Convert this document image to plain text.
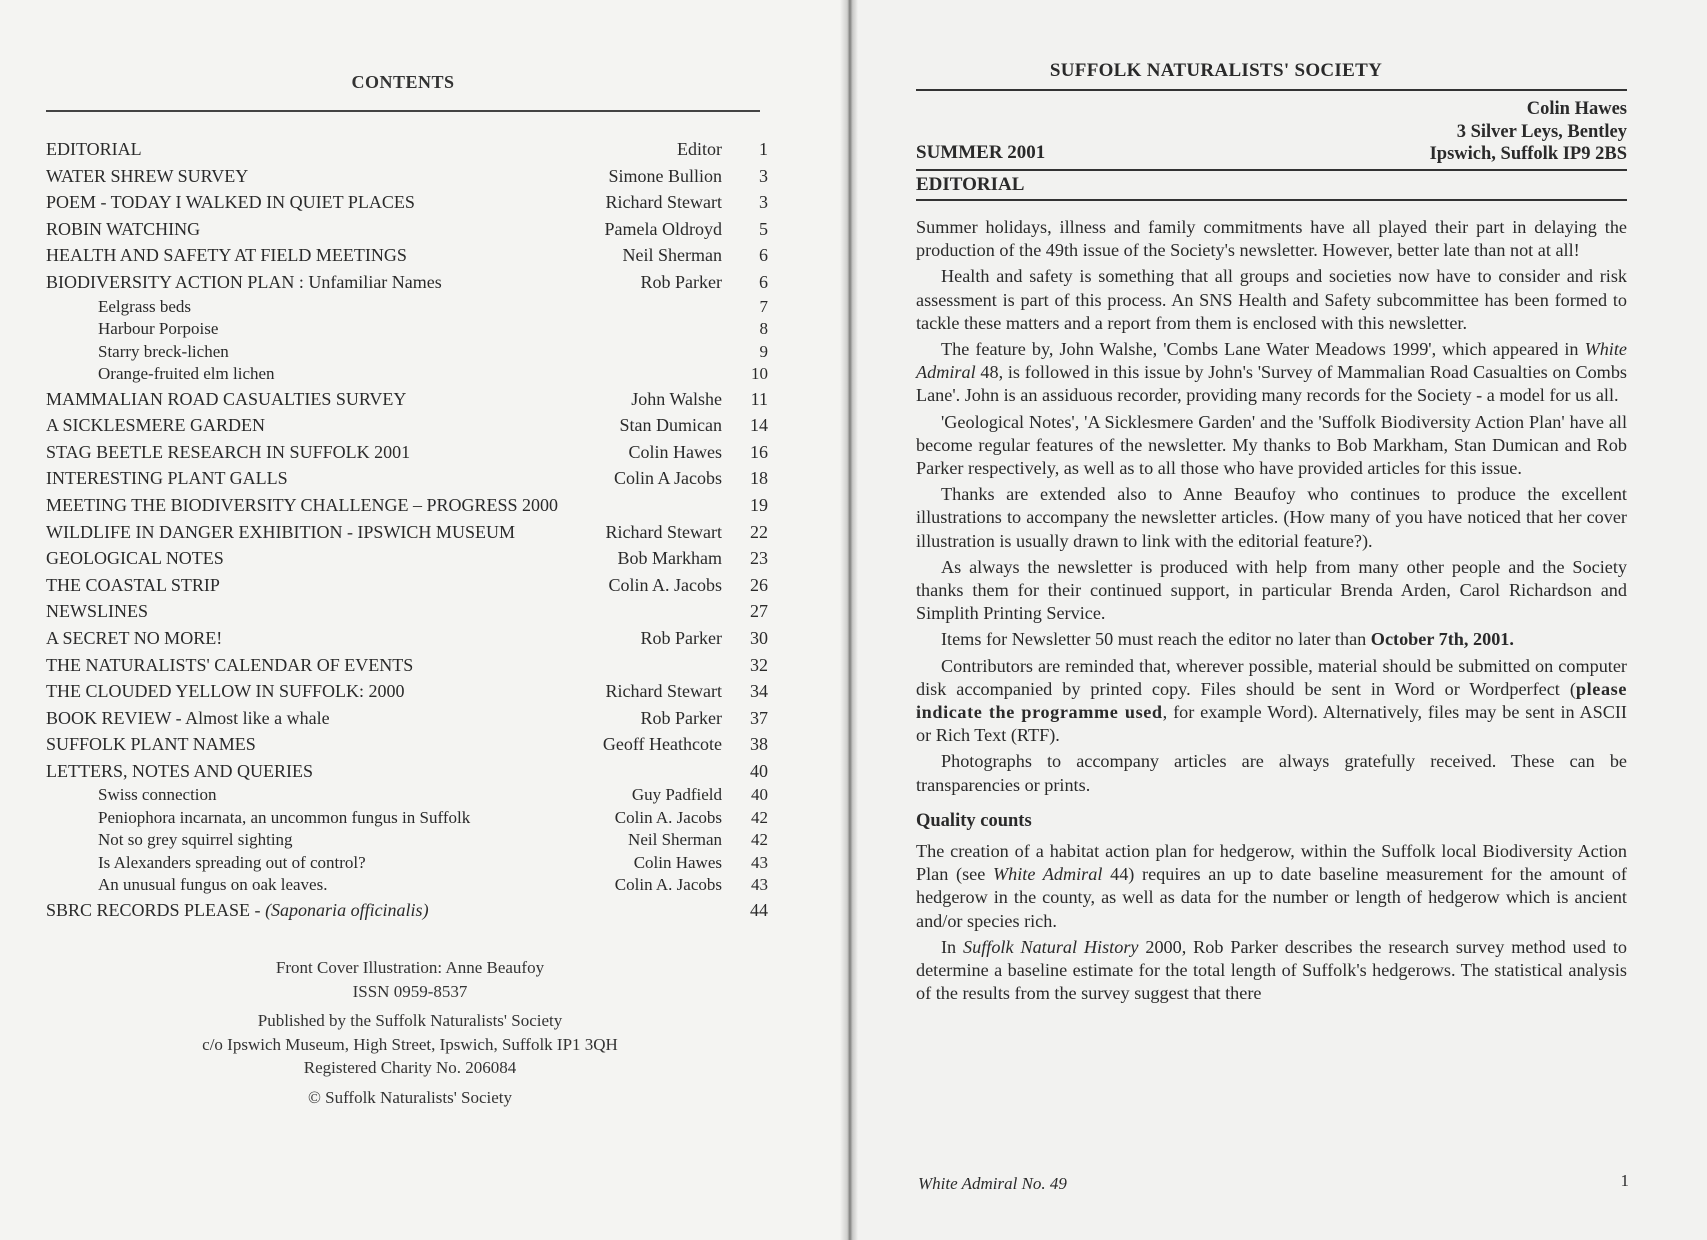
CONTENTS
EDITORIAL	Editor	1
WATER SHREW SURVEY	Simone Bullion	3
POEM - TODAY I WALKED IN QUIET PLACES	Richard Stewart	3
ROBIN WATCHING	Pamela Oldroyd	5
HEALTH AND SAFETY AT FIELD MEETINGS	Neil Sherman	6
BIODIVERSITY ACTION PLAN : Unfamiliar Names	Rob Parker	6
Eelgrass beds	7
Harbour Porpoise	8
Starry breck-lichen	9
Orange-fruited elm lichen	10
MAMMALIAN ROAD CASUALTIES SURVEY	John Walshe	11
A SICKLESMERE GARDEN	Stan Dumican	14
STAG BEETLE RESEARCH IN SUFFOLK 2001	Colin Hawes	16
INTERESTING PLANT GALLS	Colin A Jacobs	18
MEETING THE BIODIVERSITY CHALLENGE – PROGRESS 2000	19
WILDLIFE IN DANGER EXHIBITION - IPSWICH MUSEUM	Richard Stewart	22
GEOLOGICAL NOTES	Bob Markham	23
THE COASTAL STRIP	Colin A. Jacobs	26
NEWSLINES	27
A SECRET NO MORE!	Rob Parker	30
THE NATURALISTS' CALENDAR OF EVENTS	32
THE CLOUDED YELLOW IN SUFFOLK: 2000	Richard Stewart	34
BOOK REVIEW - Almost like a whale	Rob Parker	37
SUFFOLK PLANT NAMES	Geoff Heathcote	38
LETTERS, NOTES AND QUERIES	40
Swiss connection	Guy Padfield	40
Peniophora incarnata, an uncommon fungus in Suffolk	Colin A. Jacobs	42
Not so grey squirrel sighting	Neil Sherman	42
Is Alexanders spreading out of control?	Colin Hawes	43
An unusual fungus on oak leaves.	Colin A. Jacobs	43
SBRC RECORDS PLEASE - (Saponaria officinalis)	44
Front Cover Illustration: Anne Beaufoy
ISSN 0959-8537
Published by the Suffolk Naturalists' Society
c/o Ipswich Museum, High Street, Ipswich, Suffolk IP1 3QH
Registered Charity No. 206084
© Suffolk Naturalists' Society
SUFFOLK NATURALISTS' SOCIETY
Colin Hawes
3 Silver Leys, Bentley
Ipswich, Suffolk IP9 2BS
SUMMER 2001
EDITORIAL

Summer holidays, illness and family commitments have all played their part in delaying the production of the 49th issue of the Society's newsletter. However, better late than not at all!

Health and safety is something that all groups and societies now have to consider and risk assessment is part of this process. An SNS Health and Safety subcommittee has been formed to tackle these matters and a report from them is enclosed with this newsletter.

The feature by, John Walshe, 'Combs Lane Water Meadows 1999', which appeared in White Admiral 48, is followed in this issue by John's 'Survey of Mammalian Road Casualties on Combs Lane'. John is an assiduous recorder, providing many records for the Society - a model for us all.

'Geological Notes', 'A Sicklesmere Garden' and the 'Suffolk Biodiversity Action Plan' have all become regular features of the newsletter. My thanks to Bob Markham, Stan Dumican and Rob Parker respectively, as well as to all those who have provided articles for this issue.

Thanks are extended also to Anne Beaufoy who continues to produce the excellent illustrations to accompany the newsletter articles. (How many of you have noticed that her cover illustration is usually drawn to link with the editorial feature?).

As always the newsletter is produced with help from many other people and the Society thanks them for their continued support, in particular Brenda Arden, Carol Richardson and Simplith Printing Service.

Items for Newsletter 50 must reach the editor no later than October 7th, 2001.

Contributors are reminded that, wherever possible, material should be submitted on computer disk accompanied by printed copy. Files should be sent in Word or Wordperfect (please indicate the programme used, for example Word). Alternatively, files may be sent in ASCII or Rich Text (RTF).

Photographs to accompany articles are always gratefully received. These can be transparencies or prints.

Quality counts

The creation of a habitat action plan for hedgerow, within the Suffolk local Biodiversity Action Plan (see White Admiral 44) requires an up to date baseline measurement for the amount of hedgerow in the county, as well as data for the number or length of hedgerow which is ancient and/or species rich.

In Suffolk Natural History 2000, Rob Parker describes the research survey method used to determine a baseline estimate for the total length of Suffolk's hedgerows. The statistical analysis of the results from the survey suggest that there

White Admiral No. 49	1
